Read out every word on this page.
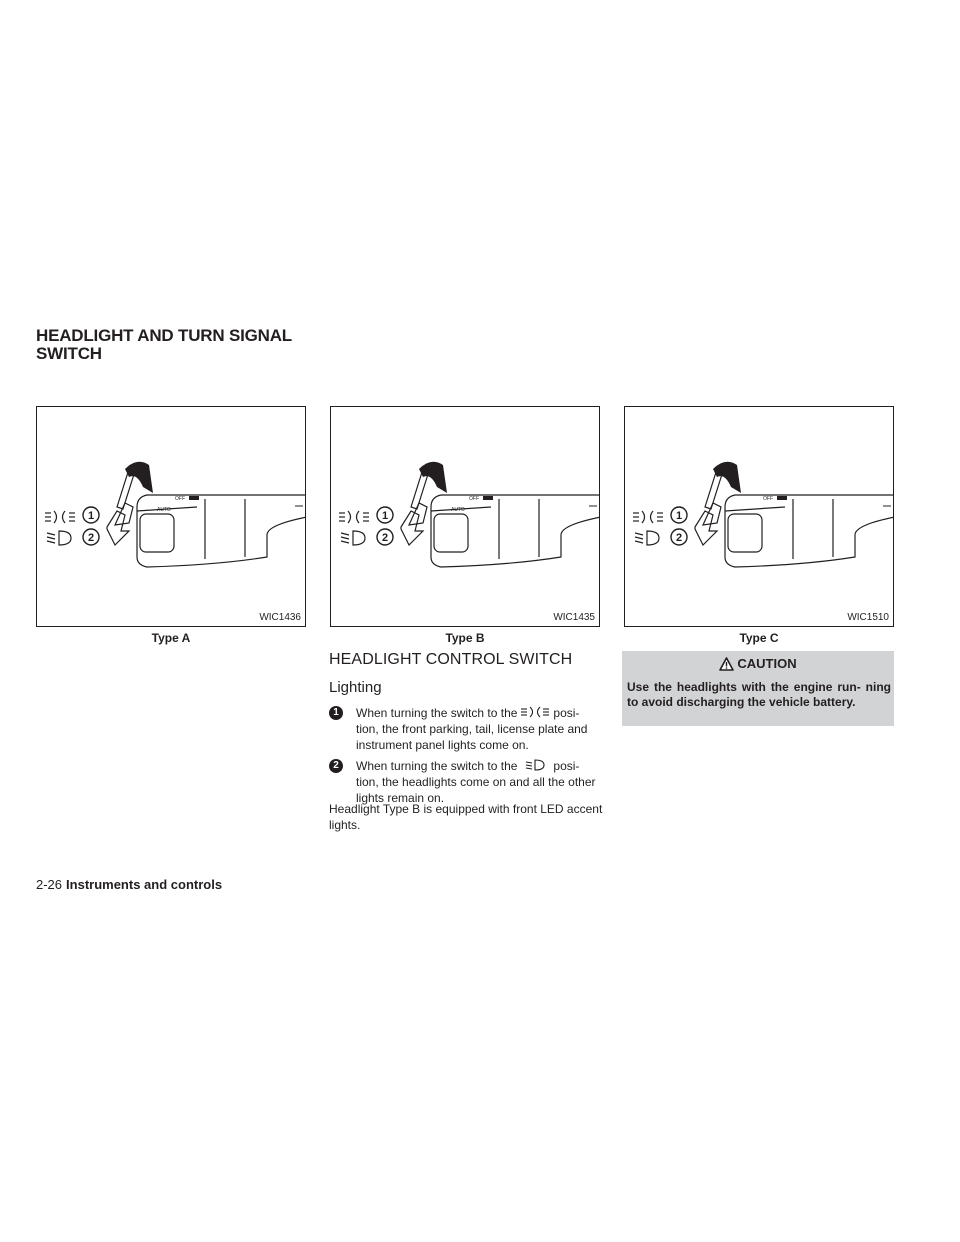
HEADLIGHT AND TURN SIGNAL
SWITCH
1
2
OFF
AUTO
WIC1436
Type A
1
2
OFF
AUTO
WIC1435
Type B
1
2
OFF
WIC1510
Type C
HEADLIGHT CONTROL SWITCH
Lighting
1	When turning the switch to the	posi- tion, the front parking, tail, license plate and instrument panel lights come on.
2	When turning the switch to the	posi- tion, the headlights come on and all the other lights remain on.
Headlight Type B is equipped with front LED accent lights.
CAUTION
Use the headlights with the engine run- ning to avoid discharging the vehicle battery.
2-26 Instruments and controls
